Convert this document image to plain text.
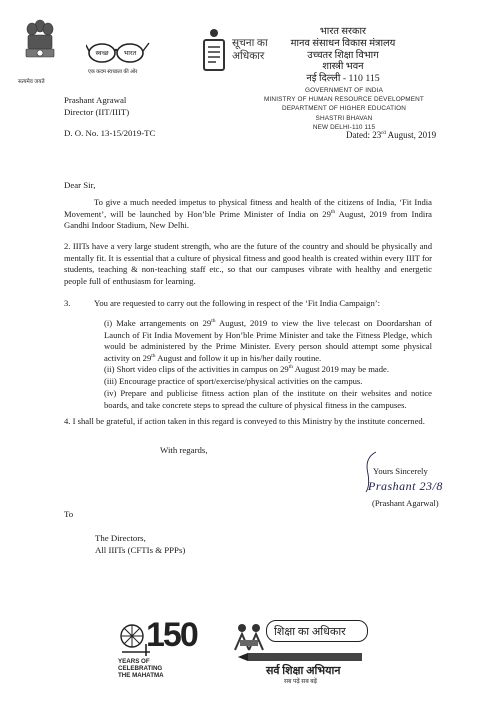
सत्यमेव जयते
स्वच्छ	भारत
एक कदम स्वच्छता की ओर
सूचना का
अधिकार
भारत सरकार
मानव संसाधन विकास मंत्रालय
उच्चतर शिक्षा विभाग
शास्त्री भवन
नई दिल्ली - 110 115
GOVERNMENT OF INDIA
MINISTRY OF HUMAN RESOURCE DEVELOPMENT
DEPARTMENT OF HIGHER EDUCATION
SHASTRI BHAVAN
NEW DELHI-110 115
Dated: 23rd August, 2019
Prashant Agrawal
Director (IIT/IIIT)
D. O. No. 13-15/2019-TC
Dear Sir,
To give a much needed impetus to physical fitness and health of the citizens of India, ‘Fit India Movement’, will be launched by Hon’ble Prime Minister of India on 29th August, 2019 from Indira Gandhi Indoor Stadium, New Delhi.
2. IIITs have a very large student strength, who are the future of the country and should be physically and mentally fit. It is essential that a culture of physical fitness and good health is created within every IIIT for students, teaching & non-teaching staff etc., so that our campuses vibrate with healthy and energetic people full of enthusiasm for learning.
3.	You are requested to carry out the following in respect of the ‘Fit India Campaign’:
(i) Make arrangements on 29th August, 2019 to view the live telecast on Doordarshan of Launch of Fit India Movement by Hon’ble Prime Minister and take the Fitness Pledge, which would be administered by the Prime Minister. Every person should attempt some physical activity on 29th August and follow it up in his/her daily routine.
(ii) Short video clips of the activities in campus on 29th August 2019 may be made.
(iii) Encourage practice of sport/exercise/physical activities on the campus.
(iv) Prepare and publicise fitness action plan of the institute on their websites and notice boards, and take concrete steps to spread the culture of physical fitness in the campuses.
4. I shall be grateful, if action taken in this regard is conveyed to this Ministry by the institute concerned.
With regards,
Yours Sincerely
Prashant 23/8
(Prashant Agarwal)
To
The Directors,
All IIITs (CFTIs & PPPs)
150
YEARS OF
CELEBRATING
THE MAHATMA
शिक्षा का अधिकार
सर्व शिक्षा अभियान
सब पढ़ें सब बढ़ें
